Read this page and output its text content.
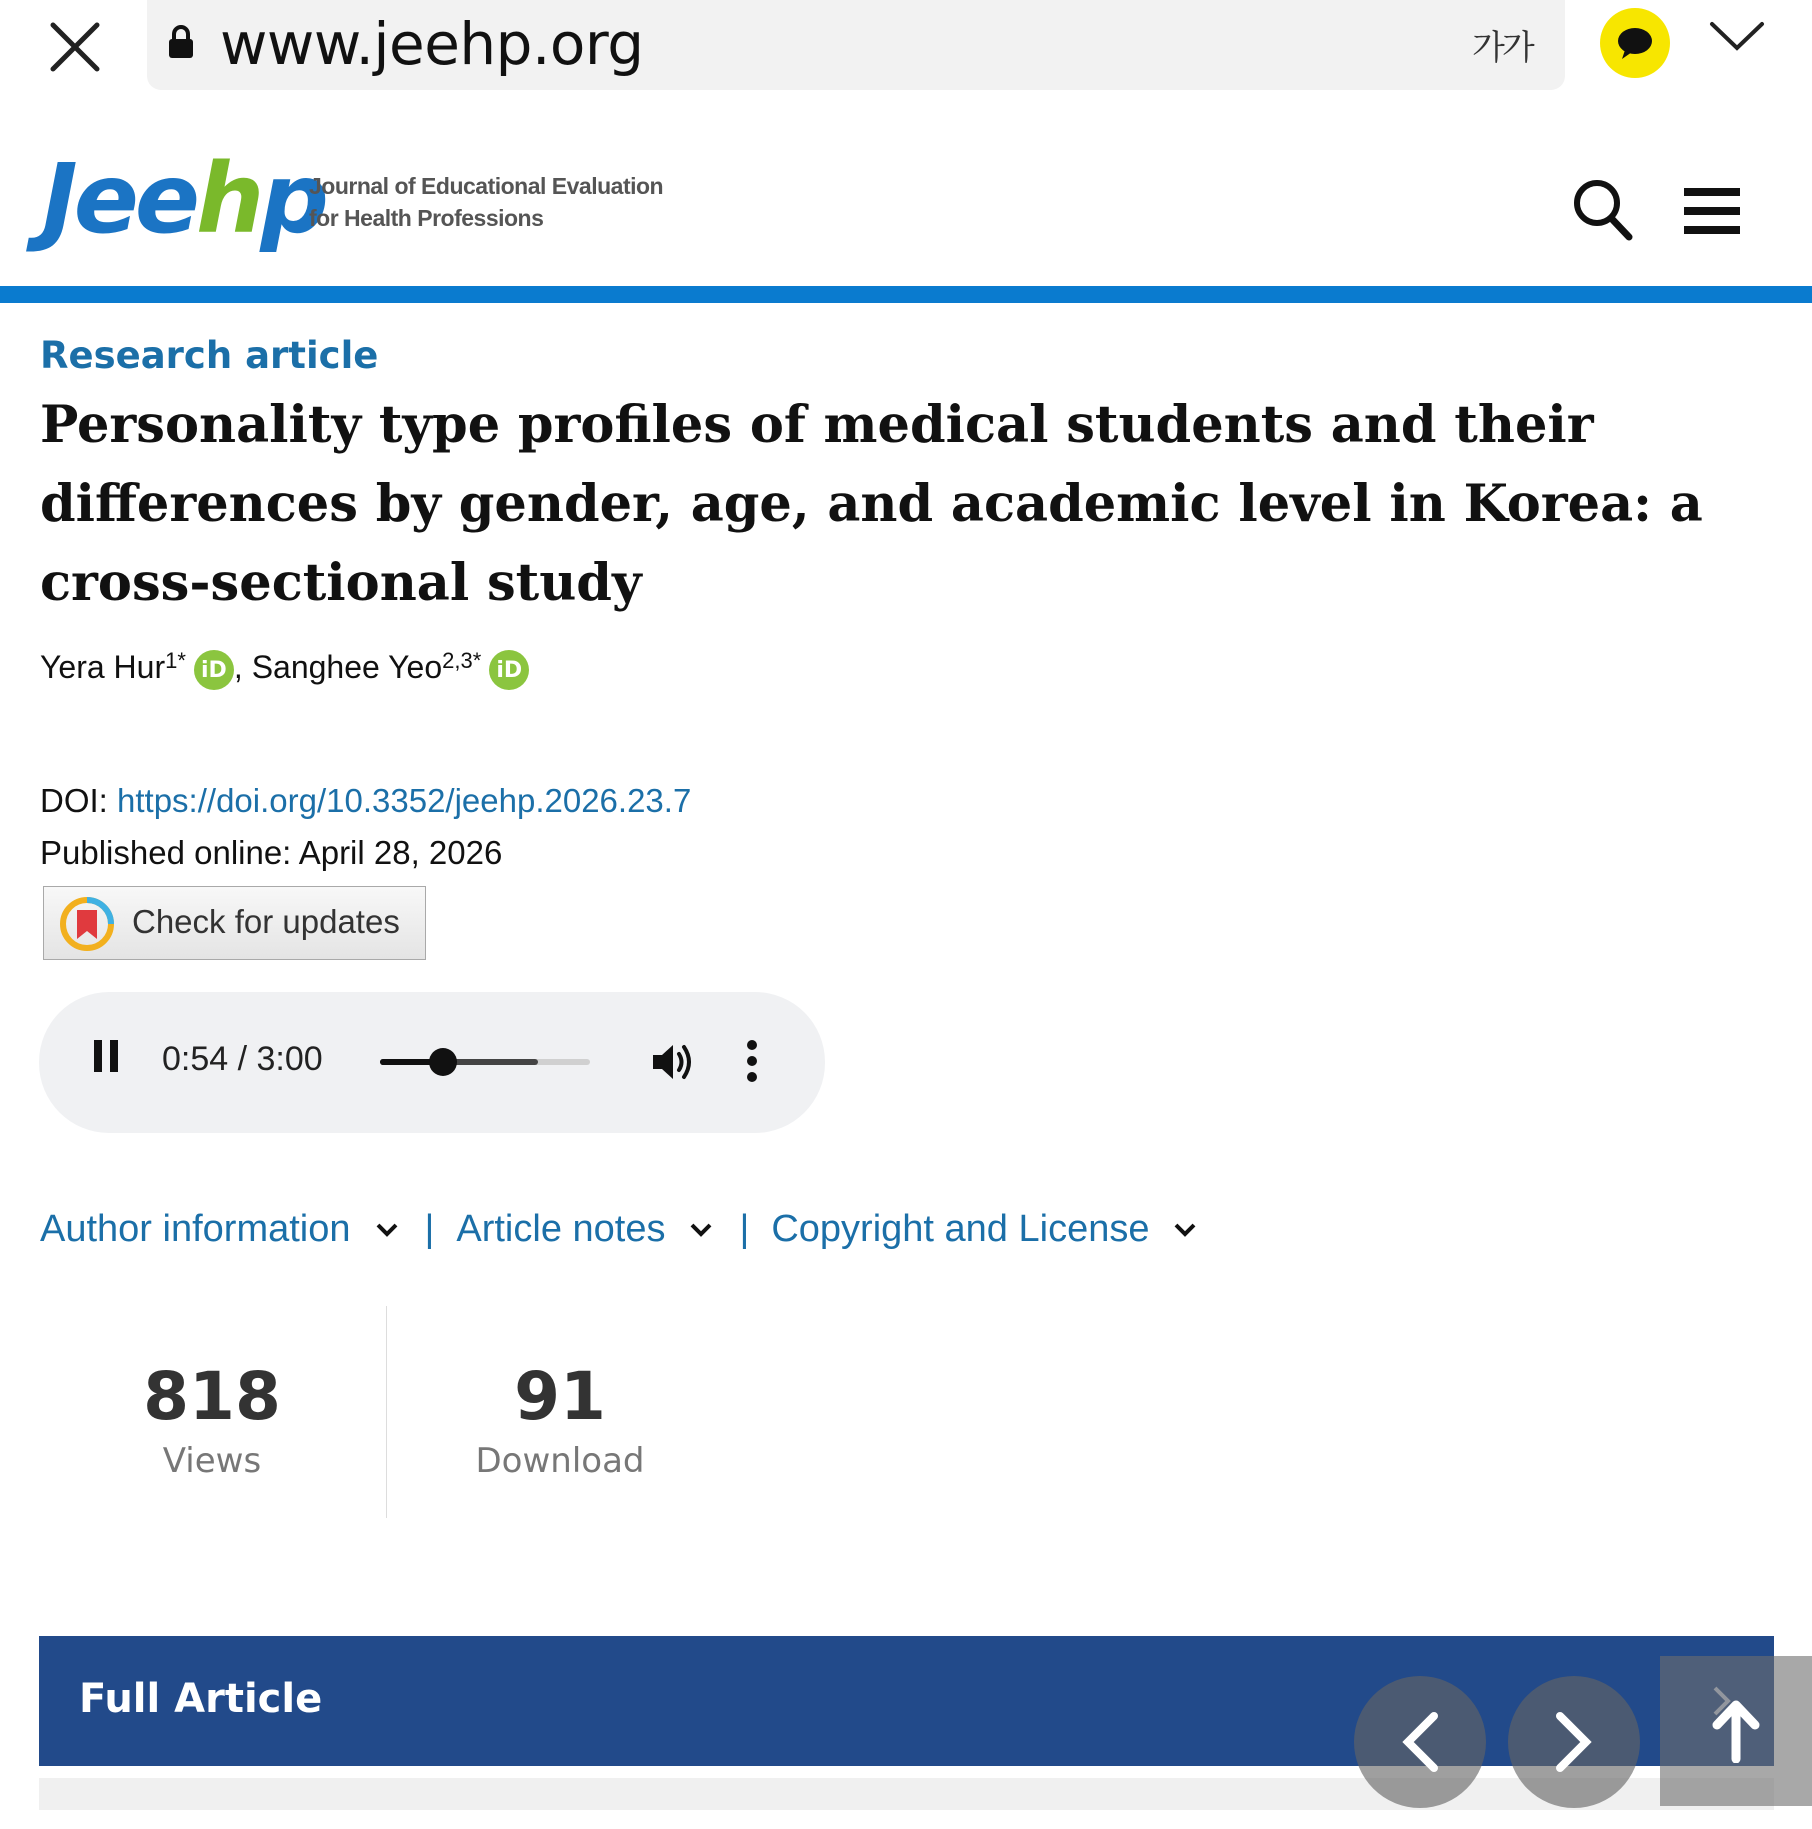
www.jeehp.org	가가
Jeehp
Journal of Educational Evaluation
for Health Professions
Research article
Personality type profiles of medical students and their differences by gender, age, and academic level in Korea: a cross-sectional study
Yera Hur$^{1*}$ iD , Sanghee Yeo$^{2,3*}$ iD
DOI: https://doi.org/10.3352/jeehp.2026.23.7
Published online: April 28, 2026
Check for updates
0:54 / 3:00
Author information | Article notes | Copyright and License
818
Views
91
Download
Full Article
